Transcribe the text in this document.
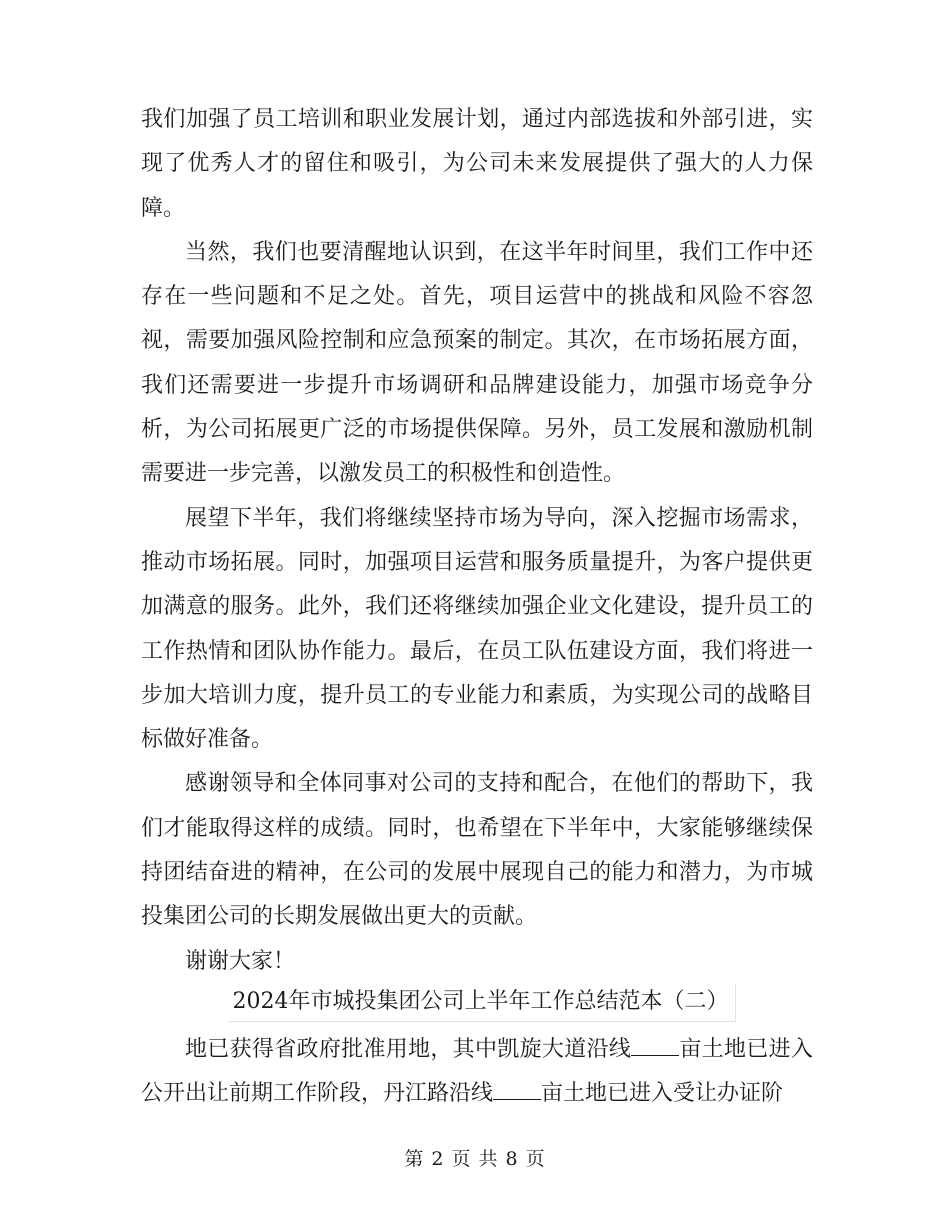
我们加强了员工培训和职业发展计划，通过内部选拔和外部引进，实现了优秀人才的留住和吸引，为公司未来发展提供了强大的人力保障。

当然，我们也要清醒地认识到，在这半年时间里，我们工作中还存在一些问题和不足之处。首先，项目运营中的挑战和风险不容忽视，需要加强风险控制和应急预案的制定。其次，在市场拓展方面，我们还需要进一步提升市场调研和品牌建设能力，加强市场竞争分析，为公司拓展更广泛的市场提供保障。另外，员工发展和激励机制需要进一步完善，以激发员工的积极性和创造性。

展望下半年，我们将继续坚持市场为导向，深入挖掘市场需求，推动市场拓展。同时，加强项目运营和服务质量提升，为客户提供更加满意的服务。此外，我们还将继续加强企业文化建设，提升员工的工作热情和团队协作能力。最后，在员工队伍建设方面，我们将进一步加大培训力度，提升员工的专业能力和素质，为实现公司的战略目标做好准备。

感谢领导和全体同事对公司的支持和配合，在他们的帮助下，我们才能取得这样的成绩。同时，也希望在下半年中，大家能够继续保持团结奋进的精神，在公司的发展中展现自己的能力和潜力，为市城投集团公司的长期发展做出更大的贡献。

谢谢大家！

2024年市城投集团公司上半年工作总结范本（二）

地已获得省政府批准用地，其中凯旋大道沿线 亩土地已进入公开出让前期工作阶段，丹江路沿线 亩土地已进入受让办证阶

第 2 页 共 8 页
